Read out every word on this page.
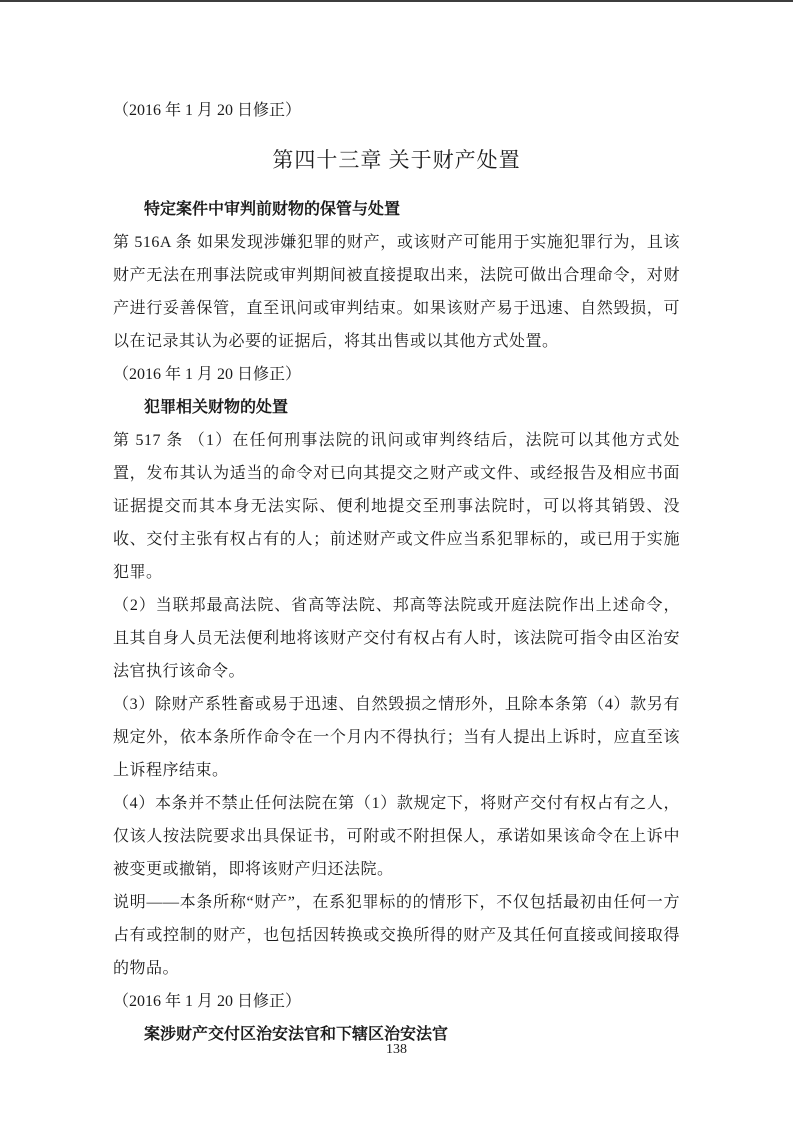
（2016 年 1 月 20 日修正）

第四十三章 关于财产处置
特定案件中审判前财物的保管与处置

第 516A 条 如果发现涉嫌犯罪的财产，或该财产可能用于实施犯罪行为，且该财产无法在刑事法院或审判期间被直接提取出来，法院可做出合理命令，对财产进行妥善保管，直至讯问或审判结束。如果该财产易于迅速、自然毁损，可以在记录其认为必要的证据后，将其出售或以其他方式处置。

（2016 年 1 月 20 日修正）

犯罪相关财物的处置

第 517 条 （1）在任何刑事法院的讯问或审判终结后，法院可以其他方式处置，发布其认为适当的命令对已向其提交之财产或文件、或经报告及相应书面证据提交而其本身无法实际、便利地提交至刑事法院时，可以将其销毁、没收、交付主张有权占有的人；前述财产或文件应当系犯罪标的，或已用于实施犯罪。

（2）当联邦最高法院、省高等法院、邦高等法院或开庭法院作出上述命令，且其自身人员无法便利地将该财产交付有权占有人时，该法院可指令由区治安法官执行该命令。

（3）除财产系牲畜或易于迅速、自然毁损之情形外，且除本条第（4）款另有规定外，依本条所作命令在一个月内不得执行；当有人提出上诉时，应直至该上诉程序结束。

（4）本条并不禁止任何法院在第（1）款规定下，将财产交付有权占有之人，仅该人按法院要求出具保证书，可附或不附担保人，承诺如果该命令在上诉中被变更或撤销，即将该财产归还法院。

说明——本条所称“财产”，在系犯罪标的的情形下，不仅包括最初由任何一方占有或控制的财产，也包括因转换或交换所得的财产及其任何直接或间接取得的物品。

（2016 年 1 月 20 日修正）

案涉财产交付区治安法官和下辖区治安法官
138
